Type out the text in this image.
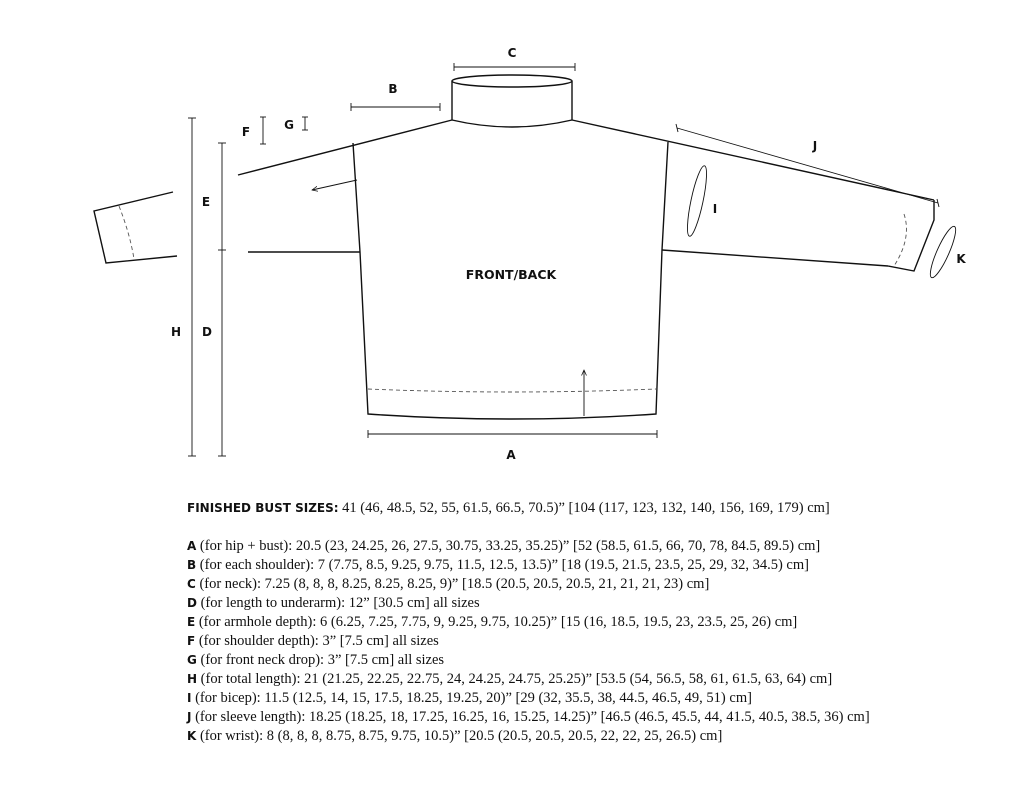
C
B
F	G
J
E	I
K
FRONT/BACK
H D
A
FINISHED BUST SIZES: 41 (46, 48.5, 52, 55, 61.5, 66.5, 70.5)” [104 (117, 123, 132, 140, 156, 169, 179) cm]
A (for hip + bust): 20.5 (23, 24.25, 26, 27.5, 30.75, 33.25, 35.25)” [52 (58.5, 61.5, 66, 70, 78, 84.5, 89.5) cm]
B (for each shoulder): 7 (7.75, 8.5, 9.25, 9.75, 11.5, 12.5, 13.5)” [18 (19.5, 21.5, 23.5, 25, 29, 32, 34.5) cm]
C (for neck): 7.25 (8, 8, 8, 8.25, 8.25, 8.25, 9)” [18.5 (20.5, 20.5, 20.5, 21, 21, 21, 23) cm]
D (for length to underarm): 12” [30.5 cm] all sizes
E (for armhole depth): 6 (6.25, 7.25, 7.75, 9, 9.25, 9.75, 10.25)” [15 (16, 18.5, 19.5, 23, 23.5, 25, 26) cm]
F (for shoulder depth): 3” [7.5 cm] all sizes
G (for front neck drop): 3” [7.5 cm] all sizes
H (for total length): 21 (21.25, 22.25, 22.75, 24, 24.25, 24.75, 25.25)” [53.5 (54, 56.5, 58, 61, 61.5, 63, 64) cm]
I (for bicep): 11.5 (12.5, 14, 15, 17.5, 18.25, 19.25, 20)” [29 (32, 35.5, 38, 44.5, 46.5, 49, 51) cm]
J (for sleeve length): 18.25 (18.25, 18, 17.25, 16.25, 16, 15.25, 14.25)” [46.5 (46.5, 45.5, 44, 41.5, 40.5, 38.5, 36) cm]
K (for wrist): 8 (8, 8, 8, 8.75, 8.75, 9.75, 10.5)” [20.5 (20.5, 20.5, 20.5, 22, 22, 25, 26.5) cm]
